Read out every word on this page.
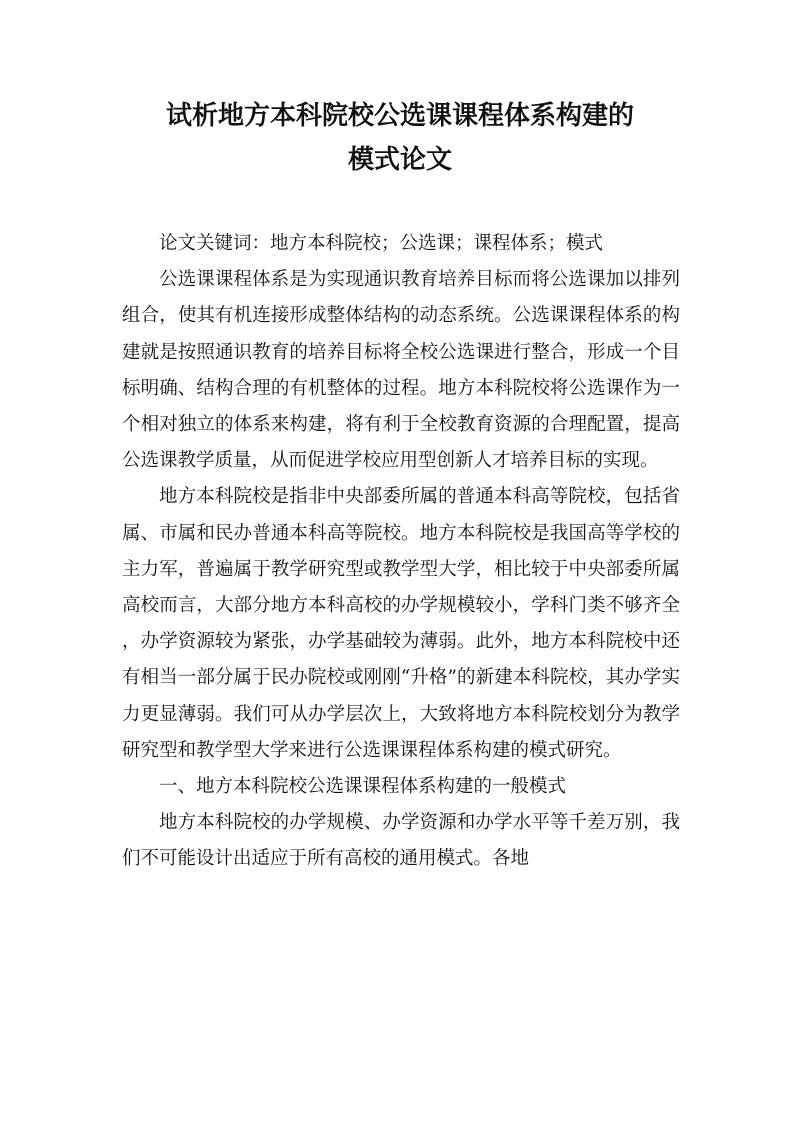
试析地方本科院校公选课课程体系构建的
模式论文

论文关键词：地方本科院校；公选课；课程体系；模式

公选课课程体系是为实现通识教育培养目标而将公选课加以排列组合，使其有机连接形成整体结构的动态系统。公选课课程体系的构建就是按照通识教育的培养目标将全校公选课进行整合，形成一个目标明确、结构合理的有机整体的过程。地方本科院校将公选课作为一个相对独立的体系来构建，将有利于全校教育资源的合理配置，提高公选课教学质量，从而促进学校应用型创新人才培养目标的实现。

地方本科院校是指非中央部委所属的普通本科高等院校，包括省属、市属和民办普通本科高等院校。地方本科院校是我国高等学校的主力军，普遍属于教学研究型或教学型大学，相比较于中央部委所属高校而言，大部分地方本科高校的办学规模较小，学科门类不够齐全，办学资源较为紧张，办学基础较为薄弱。此外，地方本科院校中还有相当一部分属于民办院校或刚刚“升格”的新建本科院校，其办学实力更显薄弱。我们可从办学层次上，大致将地方本科院校划分为教学研究型和教学型大学来进行公选课课程体系构建的模式研究。

一、地方本科院校公选课课程体系构建的一般模式

地方本科院校的办学规模、办学资源和办学水平等千差万别，我们不可能设计出适应于所有高校的通用模式。各地
